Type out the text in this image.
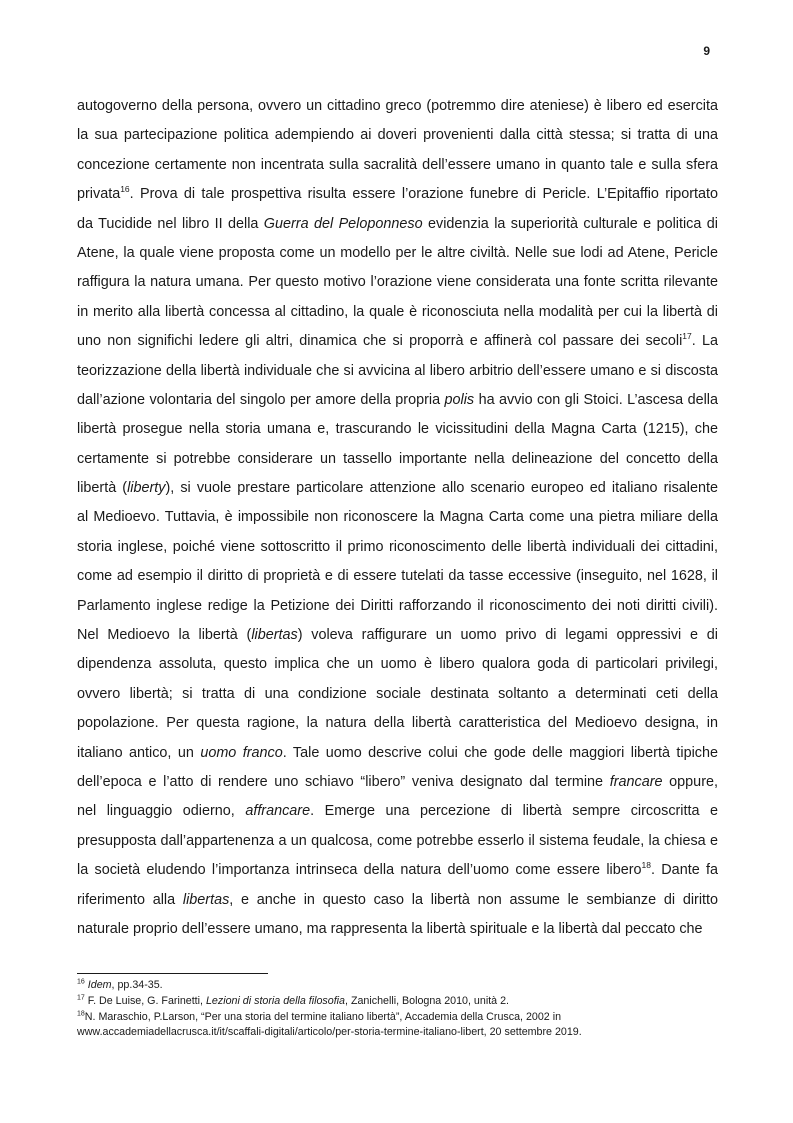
9
autogoverno della persona, ovvero un cittadino greco (potremmo dire ateniese) è libero ed esercita
la sua partecipazione politica adempiendo ai doveri provenienti dalla città stessa; si tratta di una
concezione certamente non incentrata sulla sacralità dell’essere umano in quanto tale e sulla sfera
privata$^{16}$. Prova di tale prospettiva risulta essere l’orazione funebre di Pericle. L’Epitaffio riportato
da Tucidide nel libro II della Guerra del Peloponneso evidenzia la superiorità culturale e politica di
Atene, la quale viene proposta come un modello per le altre civiltà. Nelle sue lodi ad Atene, Pericle
raffigura la natura umana. Per questo motivo l’orazione viene considerata una fonte scritta rilevante
in merito alla libertà concessa al cittadino, la quale è riconosciuta nella modalità per cui la libertà di
uno non significhi ledere gli altri, dinamica che si proporrà e affinerà col passare dei secoli$^{17}$. La
teorizzazione della libertà individuale che si avvicina al libero arbitrio dell’essere umano e si discosta
dall’azione volontaria del singolo per amore della propria polis ha avvio con gli Stoici. L’ascesa della
libertà prosegue nella storia umana e, trascurando le vicissitudini della Magna Carta (1215), che
certamente si potrebbe considerare un tassello importante nella delineazione del concetto della
libertà (liberty), si vuole prestare particolare attenzione allo scenario europeo ed italiano risalente
al Medioevo. Tuttavia, è impossibile non riconoscere la Magna Carta come una pietra miliare della
storia inglese, poiché viene sottoscritto il primo riconoscimento delle libertà individuali dei cittadini,
come ad esempio il diritto di proprietà e di essere tutelati da tasse eccessive (inseguito, nel 1628, il
Parlamento inglese redige la Petizione dei Diritti rafforzando il riconoscimento dei noti diritti civili).
Nel Medioevo la libertà (libertas) voleva raffigurare un uomo privo di legami oppressivi e di
dipendenza assoluta, questo implica che un uomo è libero qualora goda di particolari privilegi,
ovvero libertà; si tratta di una condizione sociale destinata soltanto a determinati ceti della
popolazione. Per questa ragione, la natura della libertà caratteristica del Medioevo designa, in
italiano antico, un uomo franco. Tale uomo descrive colui che gode delle maggiori libertà tipiche
dell’epoca e l’atto di rendere uno schiavo “libero” veniva designato dal termine francare oppure,
nel linguaggio odierno, affrancare. Emerge una percezione di libertà sempre circoscritta e
presupposta dall’appartenenza a un qualcosa, come potrebbe esserlo il sistema feudale, la chiesa e
la società eludendo l’importanza intrinseca della natura dell’uomo come essere libero$^{18}$. Dante fa
riferimento alla libertas, e anche in questo caso la libertà non assume le sembianze di diritto
naturale proprio dell’essere umano, ma rappresenta la libertà spirituale e la libertà dal peccato che
$^{16}$ Idem, pp.34-35.
$^{17}$ F. De Luise, G. Farinetti, Lezioni di storia della filosofia, Zanichelli, Bologna 2010, unità 2.
$^{18}$N. Maraschio, P.Larson, “Per una storia del termine italiano libertà”, Accademia della Crusca, 2002 in
www.accademiadellacrusca.it/it/scaffali-digitali/articolo/per-storia-termine-italiano-libert, 20 settembre 2019.
